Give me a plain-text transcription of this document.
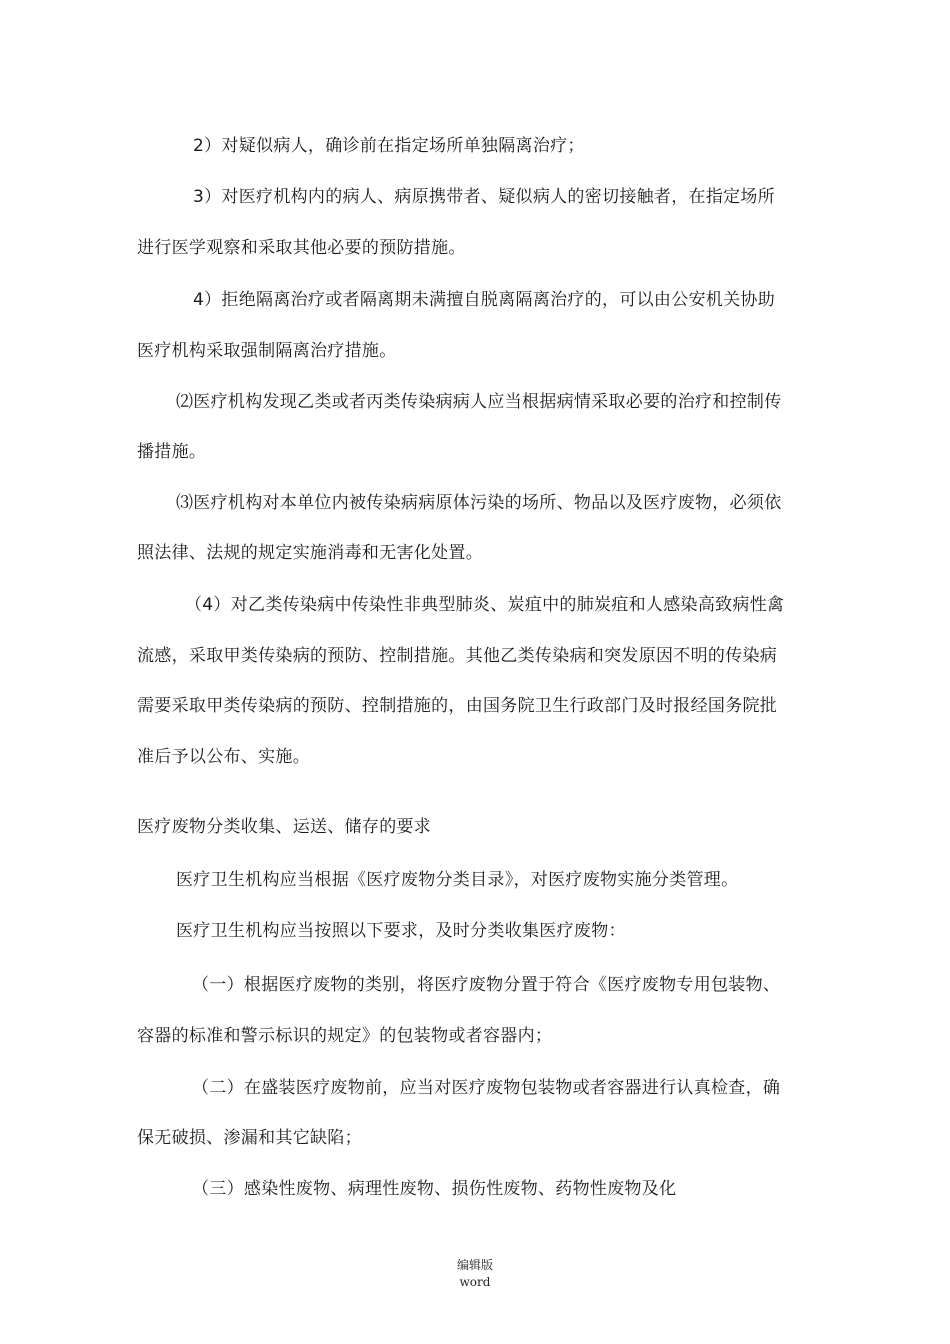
2）对疑似病人，确诊前在指定场所单独隔离治疗；
3）对医疗机构内的病人、病原携带者、疑似病人的密切接触者，在指定场所
进行医学观察和采取其他必要的预防措施。
4）拒绝隔离治疗或者隔离期未满擅自脱离隔离治疗的，可以由公安机关协助
医疗机构采取强制隔离治疗措施。
⑵医疗机构发现乙类或者丙类传染病病人应当根据病情采取必要的治疗和控制传
播措施。
⑶医疗机构对本单位内被传染病病原体污染的场所、物品以及医疗废物，必须依
照法律、法规的规定实施消毒和无害化处置。
（4）对乙类传染病中传染性非典型肺炎、炭疽中的肺炭疽和人感染高致病性禽
流感，采取甲类传染病的预防、控制措施。其他乙类传染病和突发原因不明的传染病
需要采取甲类传染病的预防、控制措施的，由国务院卫生行政部门及时报经国务院批
准后予以公布、实施。
医疗废物分类收集、运送、储存的要求
医疗卫生机构应当根据《医疗废物分类目录》，对医疗废物实施分类管理。
医疗卫生机构应当按照以下要求，及时分类收集医疗废物：
（一）根据医疗废物的类别，将医疗废物分置于符合《医疗废物专用包装物、
容器的标准和警示标识的规定》的包装物或者容器内；
（二）在盛装医疗废物前，应当对医疗废物包装物或者容器进行认真检查，确
保无破损、渗漏和其它缺陷；
（三）感染性废物、病理性废物、损伤性废物、药物性废物及化
编辑版
word
